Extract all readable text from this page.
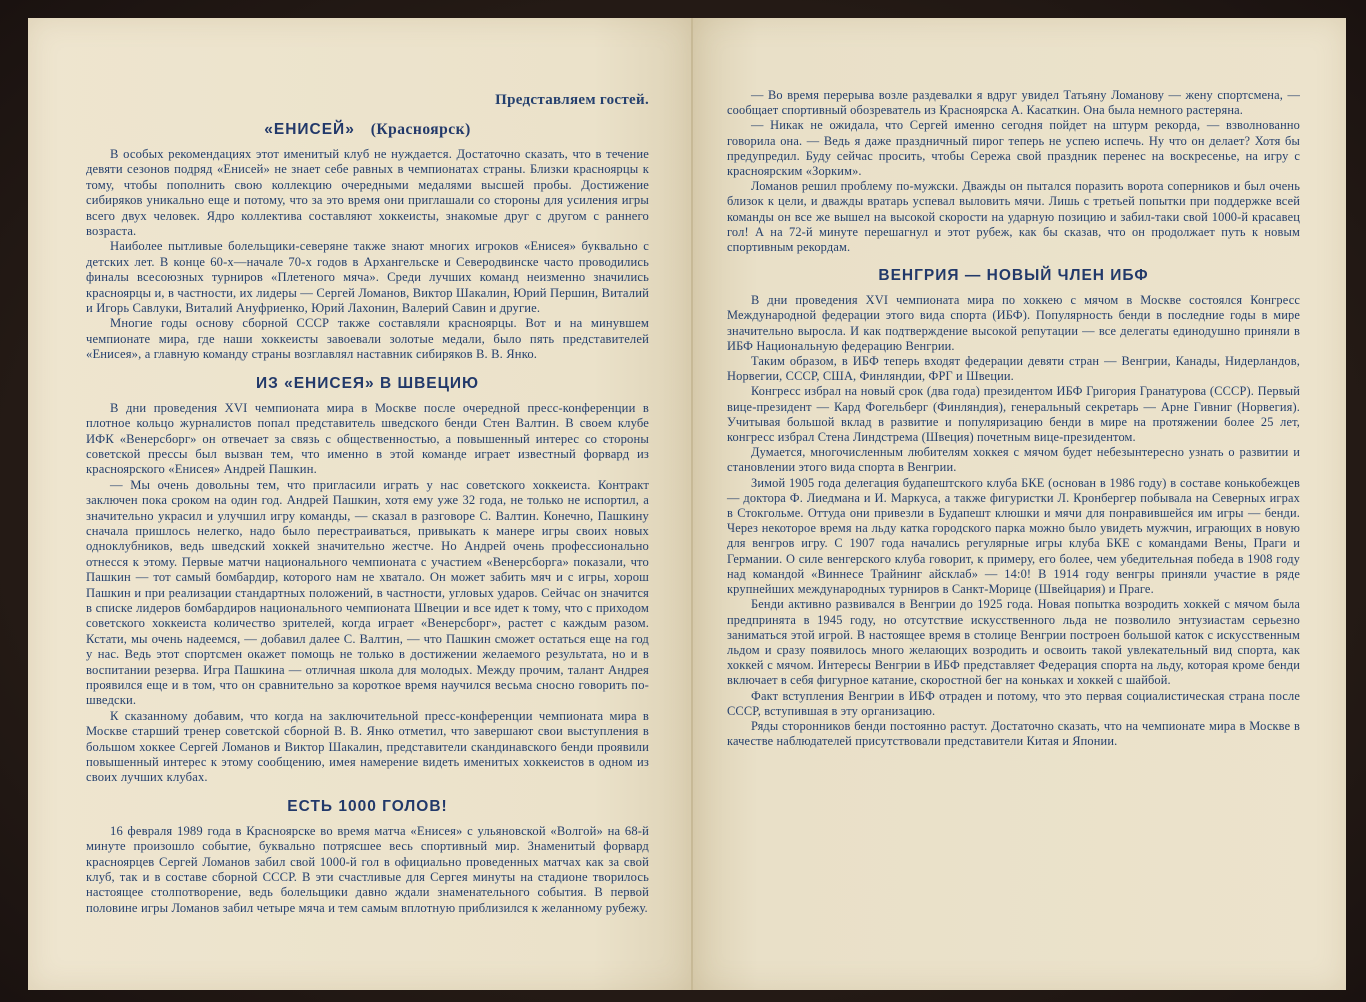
Представляем гостей.
«ЕНИСЕЙ» (Красноярск)

В особых рекомендациях этот именитый клуб не нуждается. Достаточно сказать, что в течение девяти сезонов подряд «Енисей» не знает себе равных в чемпионатах страны. Близки красноярцы к тому, чтобы пополнить свою коллекцию очередными медалями высшей пробы. Достижение сибиряков уникально еще и потому, что за это время они приглашали со стороны для усиления игры всего двух человек. Ядро коллектива составляют хоккеисты, знакомые друг с другом с раннего возраста.

Наиболее пытливые болельщики-северяне также знают многих игроков «Енисея» буквально с детских лет. В конце 60-х—начале 70-х годов в Архангельске и Северодвинске часто проводились финалы всесоюзных турниров «Плетеного мяча». Среди лучших команд неизменно значились красноярцы и, в частности, их лидеры — Сергей Ломанов, Виктор Шакалин, Юрий Першин, Виталий и Игорь Савлуки, Виталий Ануфриенко, Юрий Лахонин, Валерий Савин и другие.

Многие годы основу сборной СССР также составляли красноярцы. Вот и на минувшем чемпионате мира, где наши хоккеисты завоевали золотые медали, было пять представителей «Енисея», а главную команду страны возглавлял наставник сибиряков В. В. Янко.

ИЗ «ЕНИСЕЯ» В ШВЕЦИЮ

В дни проведения XVI чемпионата мира в Москве после очередной пресс-конференции в плотное кольцо журналистов попал представитель шведского бенди Стен Валтин. В своем клубе ИФК «Венерсборг» он отвечает за связь с общественностью, а повышенный интерес со стороны советской прессы был вызван тем, что именно в этой команде играет известный форвард из красноярского «Енисея» Андрей Пашкин.

— Мы очень довольны тем, что пригласили играть у нас советского хоккеиста. Контракт заключен пока сроком на один год. Андрей Пашкин, хотя ему уже 32 года, не только не испортил, а значительно украсил и улучшил игру команды, — сказал в разговоре С. Валтин. Конечно, Пашкину сначала пришлось нелегко, надо было перестраиваться, привыкать к манере игры своих новых одноклубников, ведь шведский хоккей значительно жестче. Но Андрей очень профессионально отнесся к этому. Первые матчи национального чемпионата с участием «Венерсборга» показали, что Пашкин — тот самый бомбардир, которого нам не хватало. Он может забить мяч и с игры, хорош Пашкин и при реализации стандартных положений, в частности, угловых ударов. Сейчас он значится в списке лидеров бомбардиров национального чемпионата Швеции и все идет к тому, что с приходом советского хоккеиста количество зрителей, когда играет «Венерсборг», растет с каждым разом. Кстати, мы очень надеемся, — добавил далее С. Валтин, — что Пашкин сможет остаться еще на год у нас. Ведь этот спортсмен окажет помощь не только в достижении желаемого результата, но и в воспитании резерва. Игра Пашкина — отличная школа для молодых. Между прочим, талант Андрея проявился еще и в том, что он сравнительно за короткое время научился весьма сносно говорить по-шведски.

К сказанному добавим, что когда на заключительной пресс-конференции чемпионата мира в Москве старший тренер советской сборной В. В. Янко отметил, что завершают свои выступления в большом хоккее Сергей Ломанов и Виктор Шакалин, представители скандинавского бенди проявили повышенный интерес к этому сообщению, имея намерение видеть именитых хоккеистов в одном из своих лучших клубах.

ЕСТЬ 1000 ГОЛОВ!

16 февраля 1989 года в Красноярске во время матча «Енисея» с ульяновской «Волгой» на 68-й минуте произошло событие, буквально потрясшее весь спортивный мир. Знаменитый форвард красноярцев Сергей Ломанов забил свой 1000-й гол в официально проведенных матчах как за свой клуб, так и в составе сборной СССР. В эти счастливые для Сергея минуты на стадионе творилось настоящее столпотворение, ведь болельщики давно ждали знаменательного события. В первой половине игры Ломанов забил четыре мяча и тем самым вплотную приблизился к желанному рубежу.

— Во время перерыва возле раздевалки я вдруг увидел Татьяну Ломанову — жену спортсмена, — сообщает спортивный обозреватель из Красноярска А. Касаткин. Она была немного растеряна.

— Никак не ожидала, что Сергей именно сегодня пойдет на штурм рекорда, — взволнованно говорила она. — Ведь я даже праздничный пирог теперь не успею испечь. Ну что он делает? Хотя бы предупредил. Буду сейчас просить, чтобы Сережа свой праздник перенес на воскресенье, на игру с красноярским «Зорким».

Ломанов решил проблему по-мужски. Дважды он пытался поразить ворота соперников и был очень близок к цели, и дважды вратарь успевал выловить мячи. Лишь с третьей попытки при поддержке всей команды он все же вышел на высокой скорости на ударную позицию и забил-таки свой 1000-й красавец гол! А на 72-й минуте перешагнул и этот рубеж, как бы сказав, что он продолжает путь к новым спортивным рекордам.

ВЕНГРИЯ — НОВЫЙ ЧЛЕН ИБФ

В дни проведения XVI чемпионата мира по хоккею с мячом в Москве состоялся Конгресс Международной федерации этого вида спорта (ИБФ). Популярность бенди в последние годы в мире значительно выросла. И как подтверждение высокой репутации — все делегаты единодушно приняли в ИБФ Национальную федерацию Венгрии.

Таким образом, в ИБФ теперь входят федерации девяти стран — Венгрии, Канады, Нидерландов, Норвегии, СССР, США, Финляндии, ФРГ и Швеции.

Конгресс избрал на новый срок (два года) президентом ИБФ Григория Гранатурова (СССР). Первый вице-президент — Кард Фогельберг (Финляндия), генеральный секретарь — Арне Гивниг (Норвегия). Учитывая большой вклад в развитие и популяризацию бенди в мире на протяжении более 25 лет, конгресс избрал Стена Линдстрема (Швеция) почетным вице-президентом.

Думается, многочисленным любителям хоккея с мячом будет небезынтересно узнать о развитии и становлении этого вида спорта в Венгрии.

Зимой 1905 года делегация будапештского клуба БКЕ (основан в 1986 году) в составе конькобежцев — доктора Ф. Лиедмана и И. Маркуса, а также фигуристки Л. Кронбергер побывала на Северных играх в Стокгольме. Оттуда они привезли в Будапешт клюшки и мячи для понравившейся им игры — бенди. Через некоторое время на льду катка городского парка можно было увидеть мужчин, играющих в новую для венгров игру. С 1907 года начались регулярные игры клуба БКЕ с командами Вены, Праги и Германии. О силе венгерского клуба говорит, к примеру, его более, чем убедительная победа в 1908 году над командой «Виннесе Трайнинг айсклаб» — 14:0! В 1914 году венгры приняли участие в ряде крупнейших международных турниров в Санкт-Морице (Швейцария) и Праге.

Бенди активно развивался в Венгрии до 1925 года. Новая попытка возродить хоккей с мячом была предпринята в 1945 году, но отсутствие искусственного льда не позволило энтузиастам серьезно заниматься этой игрой. В настоящее время в столице Венгрии построен большой каток с искусственным льдом и сразу появилось много желающих возродить и освоить такой увлекательный вид спорта, как хоккей с мячом. Интересы Венгрии в ИБФ представляет Федерация спорта на льду, которая кроме бенди включает в себя фигурное катание, скоростной бег на коньках и хоккей с шайбой.

Факт вступления Венгрии в ИБФ отраден и потому, что это первая социалистическая страна после СССР, вступившая в эту организацию.

Ряды сторонников бенди постоянно растут. Достаточно сказать, что на чемпионате мира в Москве в качестве наблюдателей присутствовали представители Китая и Японии.
